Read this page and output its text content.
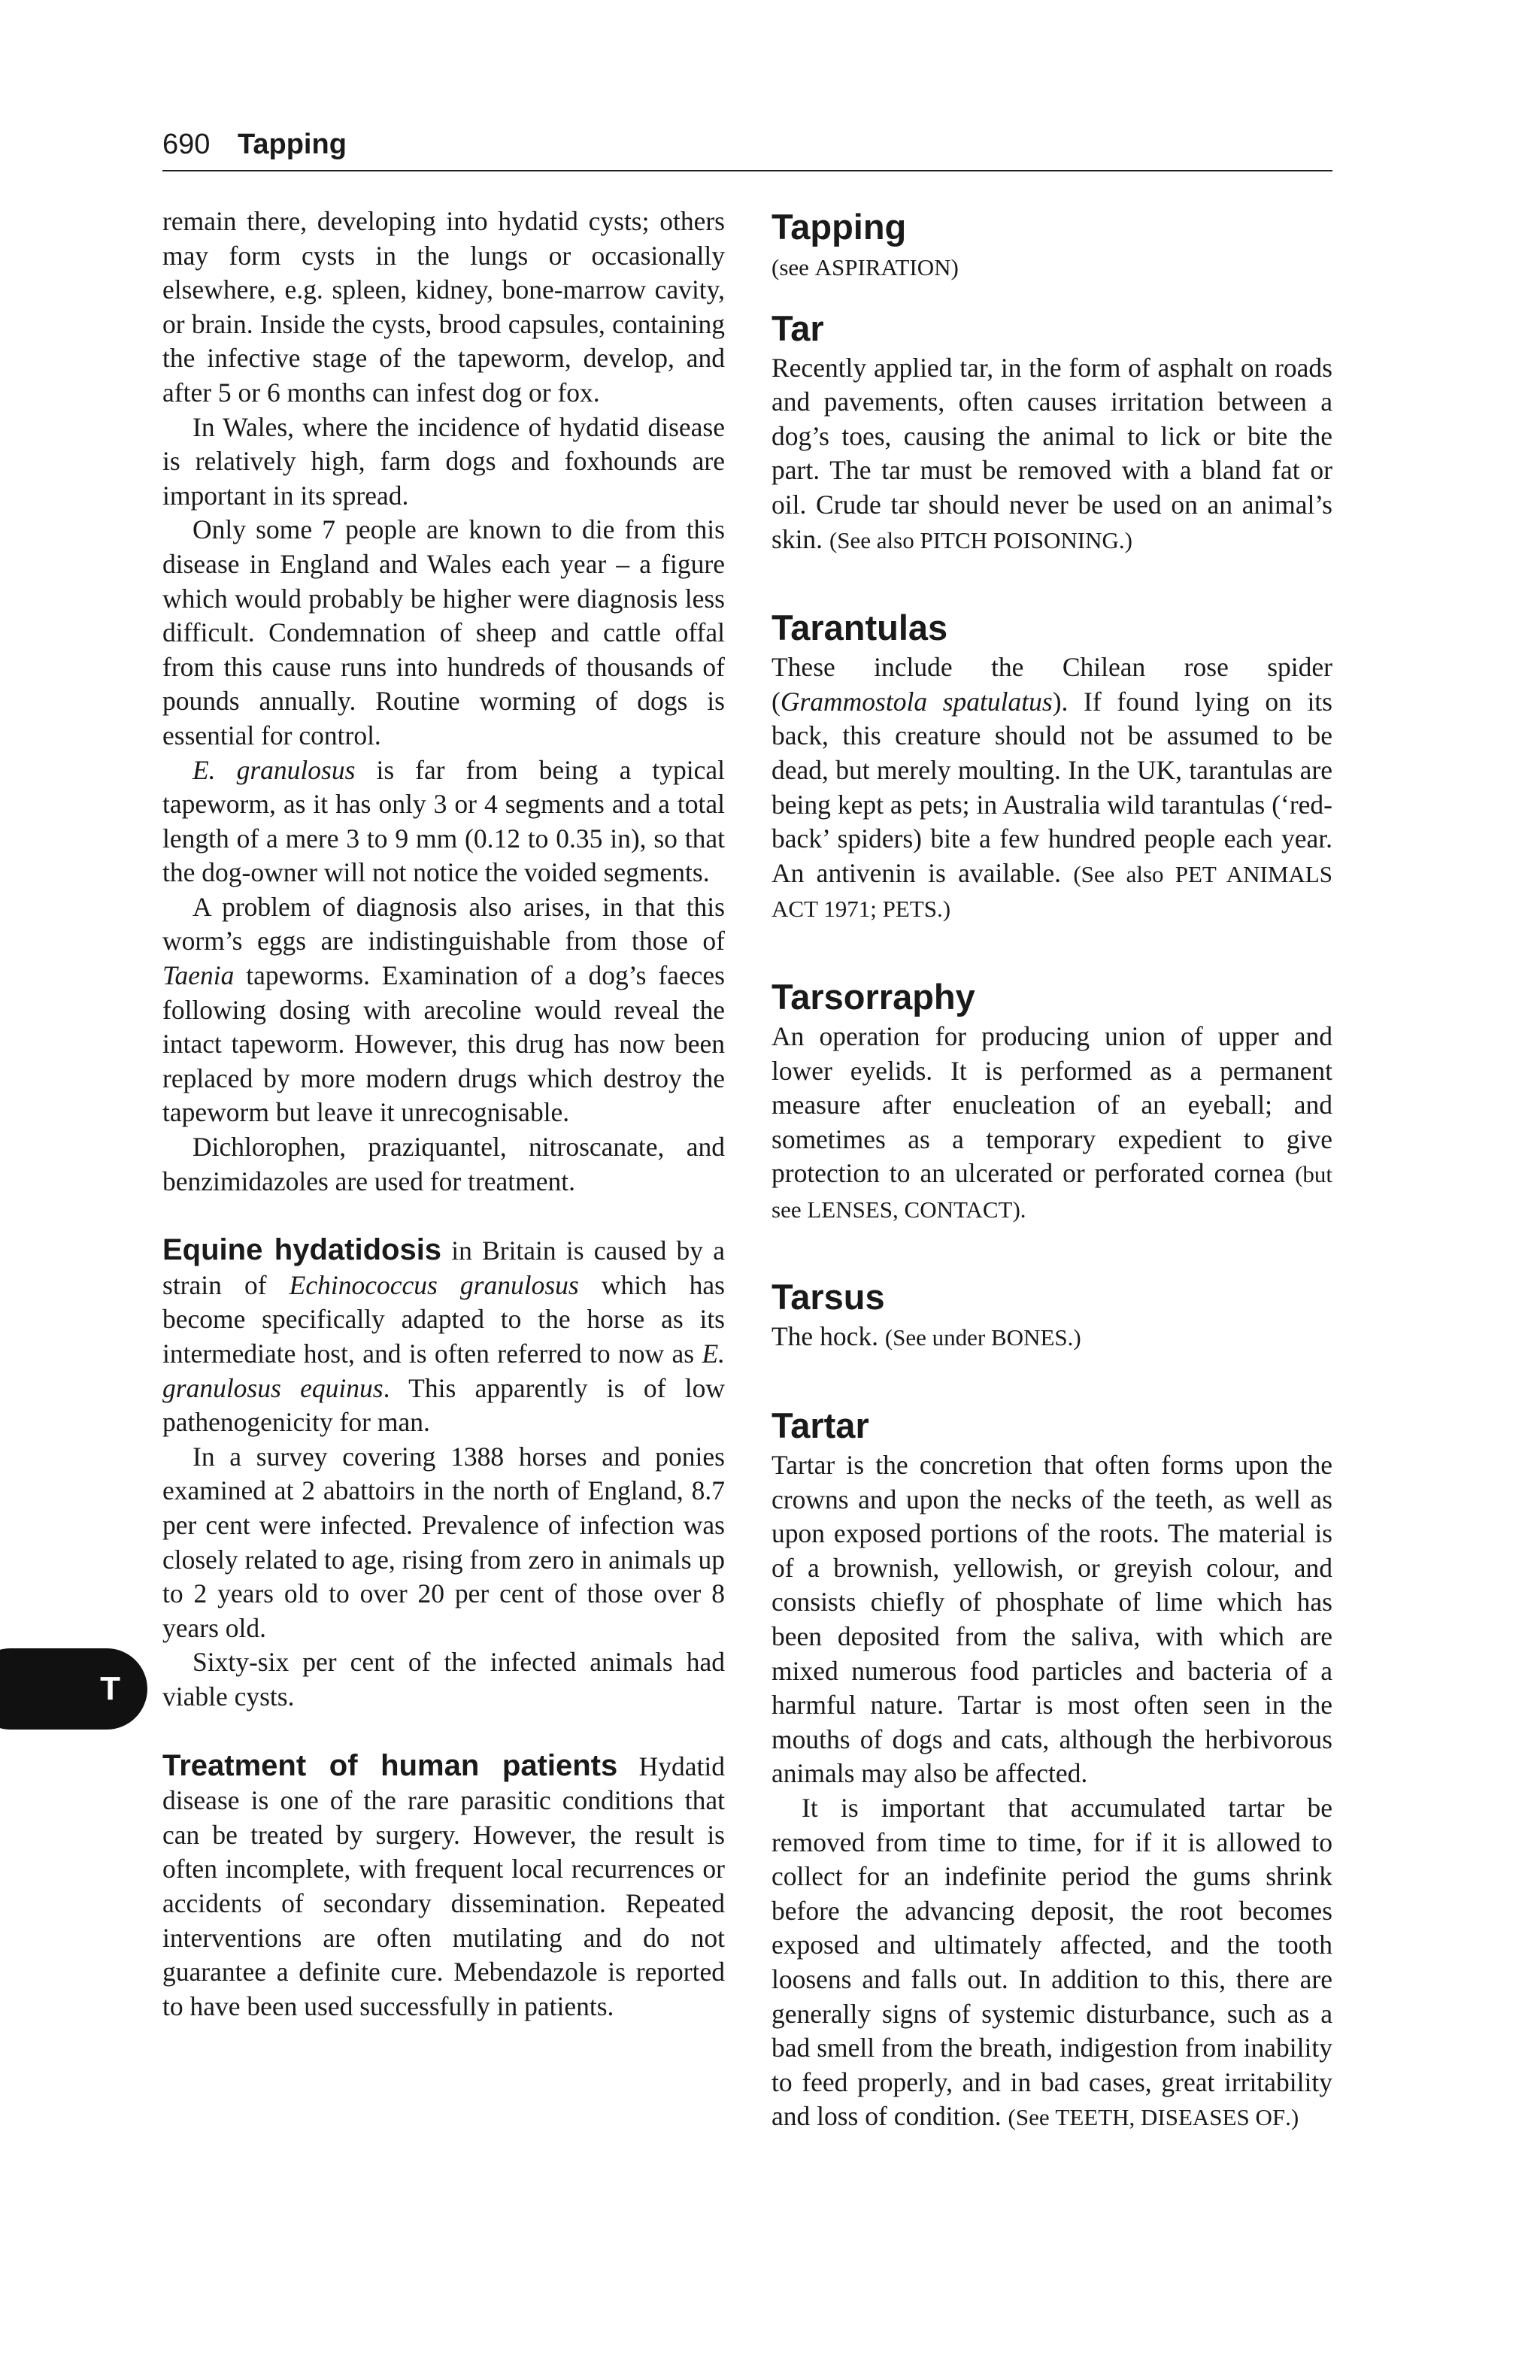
690 Tapping
T

remain there, developing into hydatid cysts; others may form cysts in the lungs or occasionally elsewhere, e.g. spleen, kidney, bone-marrow cavity, or brain. Inside the cysts, brood capsules, containing the infective stage of the tapeworm, develop, and after 5 or 6 months can infest dog or fox.

In Wales, where the incidence of hydatid disease is relatively high, farm dogs and foxhounds are important in its spread.

Only some 7 people are known to die from this disease in England and Wales each year – a figure which would probably be higher were diagnosis less difficult. Condemnation of sheep and cattle offal from this cause runs into hundreds of thousands of pounds annually. Routine worming of dogs is essential for control.

E. granulosus is far from being a typical tapeworm, as it has only 3 or 4 segments and a total length of a mere 3 to 9 mm (0.12 to 0.35 in), so that the dog-owner will not notice the voided segments.

A problem of diagnosis also arises, in that this worm’s eggs are indistinguishable from those of Taenia tapeworms. Examination of a dog’s faeces following dosing with arecoline would reveal the intact tapeworm. However, this drug has now been replaced by more modern drugs which destroy the tapeworm but leave it unrecognisable.

Dichlorophen, praziquantel, nitroscanate, and benzimidazoles are used for treatment.

Equine hydatidosis in Britain is caused by a strain of Echinococcus granulosus which has become specifically adapted to the horse as its intermediate host, and is often referred to now as E. granulosus equinus. This apparently is of low pathenogenicity for man.

In a survey covering 1388 horses and ponies examined at 2 abattoirs in the north of England, 8.7 per cent were infected. Prevalence of infection was closely related to age, rising from zero in animals up to 2 years old to over 20 per cent of those over 8 years old.

Sixty-six per cent of the infected animals had viable cysts.

Treatment of human patients Hydatid disease is one of the rare parasitic conditions that can be treated by surgery. However, the result is often incomplete, with frequent local recurrences or accidents of secondary dissemination. Repeated interventions are often mutilating and do not guarantee a definite cure. Mebendazole is reported to have been used successfully in patients.

Tapping

(see ASPIRATION)

Tar

Recently applied tar, in the form of asphalt on roads and pavements, often causes irritation between a dog’s toes, causing the animal to lick or bite the part. The tar must be removed with a bland fat or oil. Crude tar should never be used on an animal’s skin. (See also PITCH POISONING.)

Tarantulas

These include the Chilean rose spider (Grammostola spatulatus). If found lying on its back, this creature should not be assumed to be dead, but merely moulting. In the UK, tarantulas are being kept as pets; in Australia wild tarantulas (‘red-back’ spiders) bite a few hundred people each year. An antivenin is available. (See also PET ANIMALS ACT 1971; PETS.)

Tarsorraphy

An operation for producing union of upper and lower eyelids. It is performed as a permanent measure after enucleation of an eyeball; and sometimes as a temporary expedient to give protection to an ulcerated or perforated cornea (but see LENSES, CONTACT).

Tarsus

The hock. (See under BONES.)

Tartar

Tartar is the concretion that often forms upon the crowns and upon the necks of the teeth, as well as upon exposed portions of the roots. The material is of a brownish, yellowish, or greyish colour, and consists chiefly of phosphate of lime which has been deposited from the saliva, with which are mixed numerous food particles and bacteria of a harmful nature. Tartar is most often seen in the mouths of dogs and cats, although the herbivorous animals may also be affected.

It is important that accumulated tartar be removed from time to time, for if it is allowed to collect for an indefinite period the gums shrink before the advancing deposit, the root becomes exposed and ultimately affected, and the tooth loosens and falls out. In addition to this, there are generally signs of systemic disturbance, such as a bad smell from the breath, indigestion from inability to feed properly, and in bad cases, great irritability and loss of condition. (See TEETH, DISEASES OF.)
